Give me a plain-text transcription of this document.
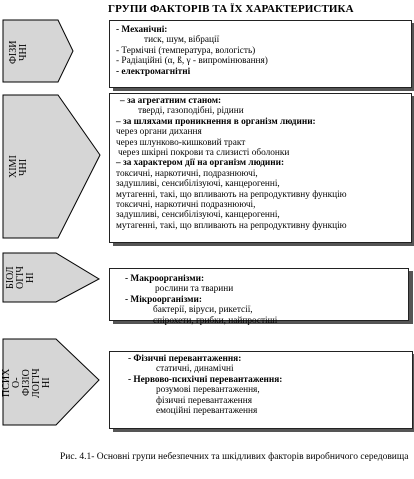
ГРУПИ ФАКТОРІВ ТА ЇХ ХАРАКТЕРИСТИКА
ФІЗИ
ЧНІ
ХІМІ
ЧНІ
БІОЛ
ОГІЧ
НІ
ПСИХ
О-
ФІЗІО
ЛОГІЧ
НІ
- Механічні:
тиск, шум, вібрації
- Термічні (температура, вологість)
- Радіаційні (α, ß, γ - випромінювання)
- електромагнітні
– за агрегатним станом:
тверді, газоподібні, рідини
– за шляхами проникнення в організм людини:
через органи дихання
через шлунково-кишковий тракт
через шкірні покрови та слизисті оболонки
– за характером дії на організм людини:
токсичні, наркотичні, подразнюючі,
задушливі, сенсибілізуючі, канцерогенні,
мутагенні, такі, що впливають на репродуктивну функцію
токсичні, наркотичні подразнюючі,
задушливі, сенсибілізуючі, канцерогенні,
мутагенні, такі, що впливають на репродуктивну функцію
- Макроорганізми:
рослини та тварини
- Мікроорганізми:
бактерії, віруси, рикетсії,
спірохети, грибки, найпростіші
- Фізичні перевантаження:
статичні, динамічні
- Нервово-психічні перевантаження:
розумові перевантаження,
фізичні перевантаження
емоційні перевантаження
Рис. 4.1- Основні групи небезпечних та шкідливих факторів виробничого середовища
